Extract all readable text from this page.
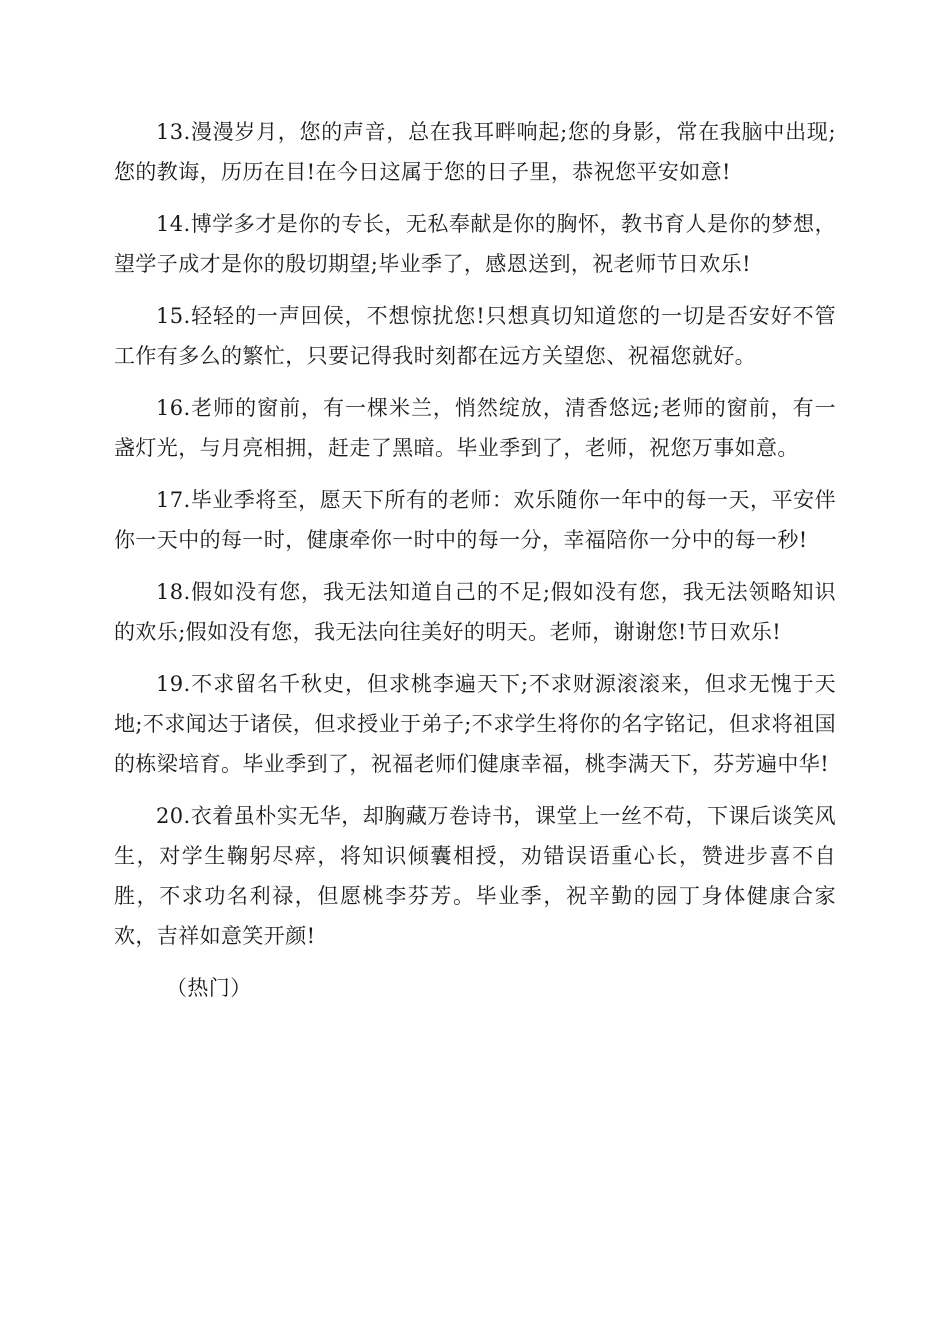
13.漫漫岁月，您的声音，总在我耳畔响起;您的身影，常在我脑中出现;您的教诲，历历在目!在今日这属于您的日子里，恭祝您平安如意!

14.博学多才是你的专长，无私奉献是你的胸怀，教书育人是你的梦想，望学子成才是你的殷切期望;毕业季了，感恩送到，祝老师节日欢乐!

15.轻轻的一声回侯，不想惊扰您!只想真切知道您的一切是否安好不管工作有多么的繁忙，只要记得我时刻都在远方关望您、祝福您就好。

16.老师的窗前，有一棵米兰，悄然绽放，清香悠远;老师的窗前，有一盏灯光，与月亮相拥，赶走了黑暗。毕业季到了，老师，祝您万事如意。

17.毕业季将至，愿天下所有的老师：欢乐随你一年中的每一天，平安伴你一天中的每一时，健康牵你一时中的每一分，幸福陪你一分中的每一秒!

18.假如没有您，我无法知道自己的不足;假如没有您，我无法领略知识的欢乐;假如没有您，我无法向往美好的明天。老师，谢谢您!节日欢乐!

19.不求留名千秋史，但求桃李遍天下;不求财源滚滚来，但求无愧于天地;不求闻达于诸侯，但求授业于弟子;不求学生将你的名字铭记，但求将祖国的栋梁培育。毕业季到了，祝福老师们健康幸福，桃李满天下，芬芳遍中华!

20.衣着虽朴实无华，却胸藏万卷诗书，课堂上一丝不苟，下课后谈笑风生，对学生鞠躬尽瘁，将知识倾囊相授，劝错误语重心长，赞进步喜不自胜，不求功名利禄，但愿桃李芬芳。毕业季，祝辛勤的园丁身体健康合家欢，吉祥如意笑开颜!

（热门）
